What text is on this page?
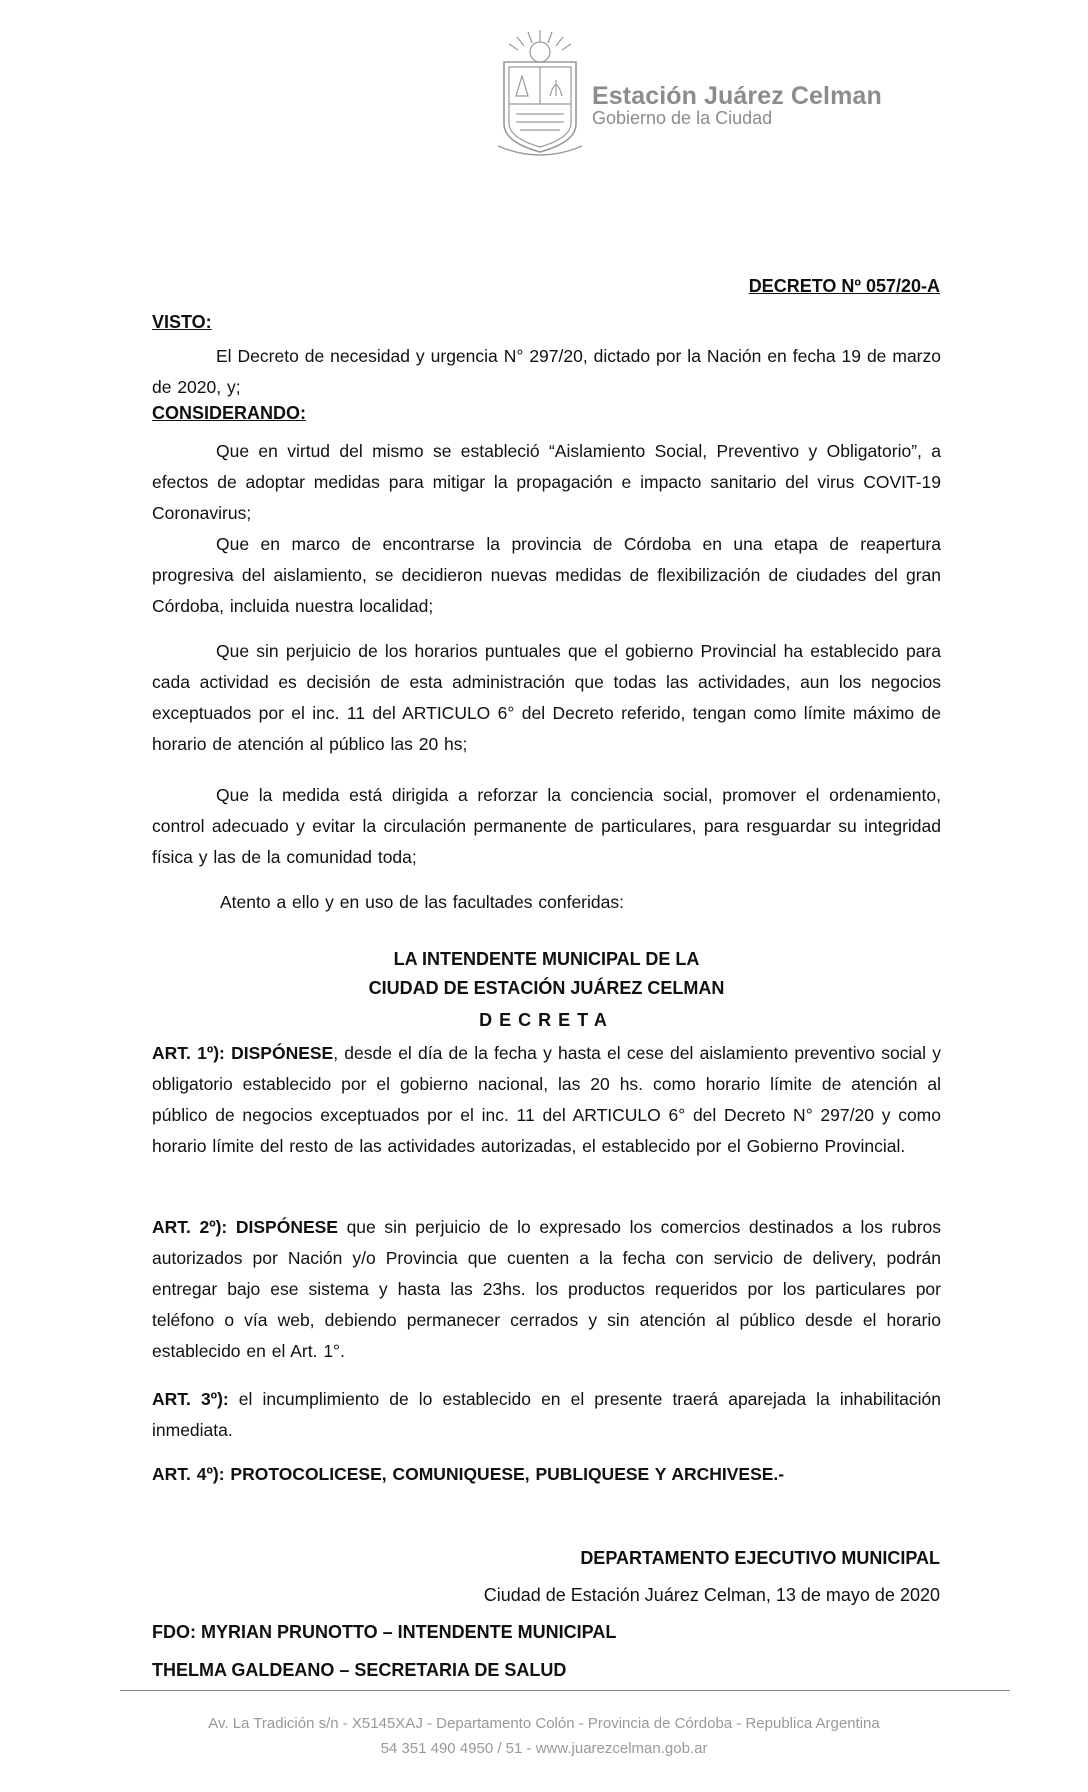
Estación Juárez Celman
Gobierno de la Ciudad
DECRETO Nº 057/20-A
VISTO:
El Decreto de necesidad y urgencia N° 297/20, dictado por la Nación en fecha 19 de marzo de 2020, y;
CONSIDERANDO:
Que en virtud del mismo se estableció “Aislamiento Social, Preventivo y Obligatorio”, a efectos de adoptar medidas para mitigar la propagación e impacto sanitario del virus COVIT-19 Coronavirus;
Que en marco de encontrarse la provincia de Córdoba en una etapa de reapertura progresiva del aislamiento, se decidieron nuevas medidas de flexibilización de ciudades del gran Córdoba, incluida nuestra localidad;
Que sin perjuicio de los horarios puntuales que el gobierno Provincial ha establecido para cada actividad es decisión de esta administración que todas las actividades, aun los negocios exceptuados por el inc. 11 del ARTICULO 6° del Decreto referido, tengan como límite máximo de horario de atención al público las 20 hs;
Que la medida está dirigida a reforzar la conciencia social, promover el ordenamiento, control adecuado y evitar la circulación permanente de particulares, para resguardar su integridad física y las de la comunidad toda;
Atento a ello y en uso de las facultades conferidas:
LA INTENDENTE MUNICIPAL DE LA
CIUDAD DE ESTACIÓN JUÁREZ CELMAN
DECRETA
ART. 1º): DISPÓNESE, desde el día de la fecha y hasta el cese del aislamiento preventivo social y obligatorio establecido por el gobierno nacional, las 20 hs. como horario límite de atención al público de negocios exceptuados por el inc. 11 del ARTICULO 6° del Decreto N° 297/20 y como horario límite del resto de las actividades autorizadas, el establecido por el Gobierno Provincial.
ART. 2º): DISPÓNESE que sin perjuicio de lo expresado los comercios destinados a los rubros autorizados por Nación y/o Provincia que cuenten a la fecha con servicio de delivery, podrán entregar bajo ese sistema y hasta las 23hs. los productos requeridos por los particulares por teléfono o vía web, debiendo permanecer cerrados y sin atención al público desde el horario establecido en el Art. 1°.
ART. 3º): el incumplimiento de lo establecido en el presente traerá aparejada la inhabilitación inmediata.
ART. 4º): PROTOCOLICESE, COMUNIQUESE, PUBLIQUESE Y ARCHIVESE.-
DEPARTAMENTO EJECUTIVO MUNICIPAL
Ciudad de Estación Juárez Celman, 13 de mayo de 2020
FDO: MYRIAN PRUNOTTO – INTENDENTE MUNICIPAL
THELMA GALDEANO – SECRETARIA DE SALUD
Av. La Tradición s/n - X5145XAJ - Departamento Colón - Provincia de Córdoba - Republica Argentina
54 351 490 4950 / 51 - www.juarezcelman.gob.ar
